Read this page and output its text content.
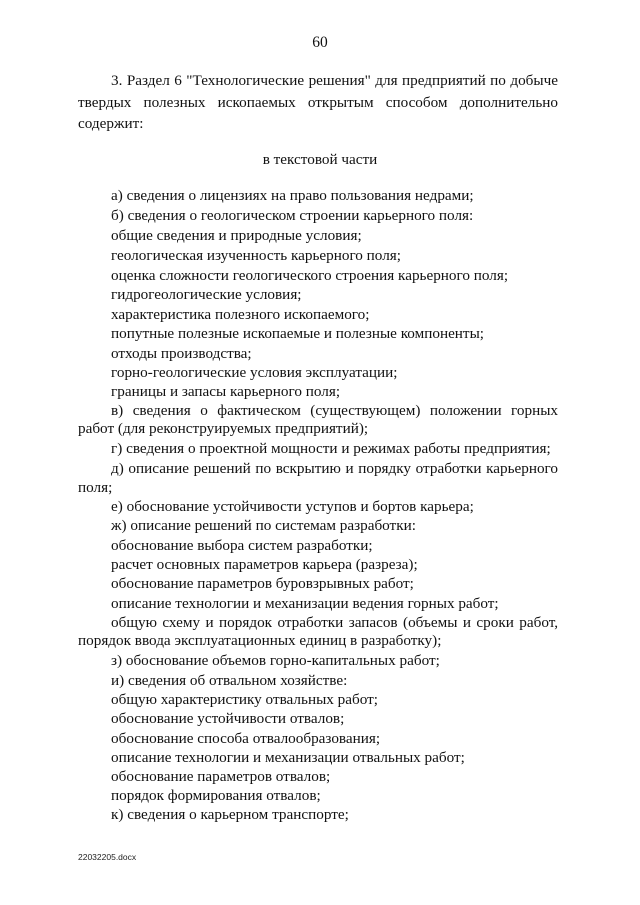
60
3. Раздел 6 "Технологические решения" для предприятий по добыче
твердых полезных ископаемых открытым способом дополнительно
содержит:
в текстовой части
а) сведения о лицензиях на право пользования недрами;
б) сведения о геологическом строении карьерного поля:
общие сведения и природные условия;
геологическая изученность карьерного поля;
оценка сложности геологического строения карьерного поля;
гидрогеологические условия;
характеристика полезного ископаемого;
попутные полезные ископаемые и полезные компоненты;
отходы производства;
горно-геологические условия эксплуатации;
границы и запасы карьерного поля;
в) сведения о фактическом (существующем) положении горных
работ (для реконструируемых предприятий);
г) сведения о проектной мощности и режимах работы предприятия;
д) описание решений по вскрытию и порядку отработки карьерного
поля;
е) обоснование устойчивости уступов и бортов карьера;
ж) описание решений по системам разработки:
обоснование выбора систем разработки;
расчет основных параметров карьера (разреза);
обоснование параметров буровзрывных работ;
описание технологии и механизации ведения горных работ;
общую схему и порядок отработки запасов (объемы и сроки работ,
порядок ввода эксплуатационных единиц в разработку);
з) обоснование объемов горно-капитальных работ;
и) сведения об отвальном хозяйстве:
общую характеристику отвальных работ;
обоснование устойчивости отвалов;
обоснование способа отвалообразования;
описание технологии и механизации отвальных работ;
обоснование параметров отвалов;
порядок формирования отвалов;
к) сведения о карьерном транспорте;
22032205.docx
